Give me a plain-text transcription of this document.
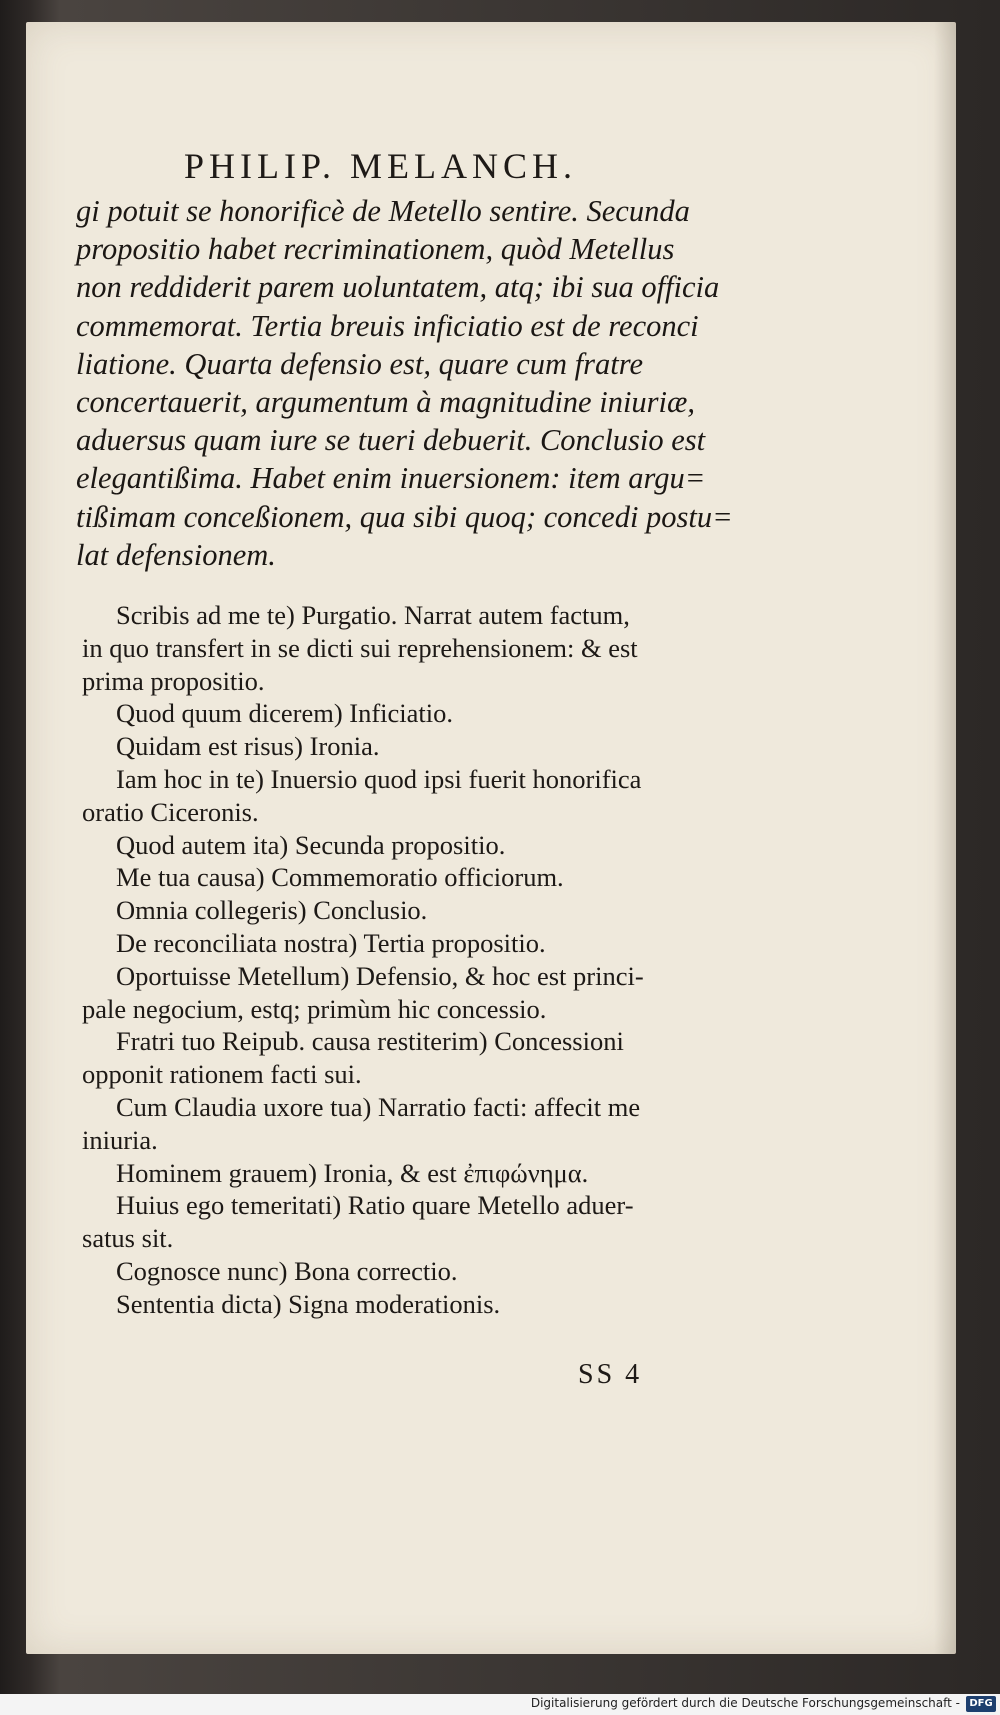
PHILIP. MELANCH.
gi potuit se honorificè de Metello sentire. Secunda
propositio habet recriminationem, quòd Metellus
non reddiderit parem uoluntatem, atq; ibi sua officia
commemorat. Tertia breuis inficiatio est de reconci
liatione. Quarta defensio est, quare cum fratre
concertauerit, argumentum à magnitudine iniuriæ,
aduersus quam iure se tueri debuerit. Conclusio est
elegantißima. Habet enim inuersionem: item argu=
tißimam conceßionem, qua sibi quoq; concedi postu=
lat defensionem.
Scribis ad me te) Purgatio. Narrat autem factum,
in quo transfert in se dicti sui reprehensionem: & est
prima propositio.
Quod quum dicerem) Inficiatio.
Quidam est risus) Ironia.
Iam hoc in te) Inuersio quod ipsi fuerit honorifica
oratio Ciceronis.
Quod autem ita) Secunda propositio.
Me tua causa) Commemoratio officiorum.
Omnia collegeris) Conclusio.
De reconciliata nostra) Tertia propositio.
Oportuisse Metellum) Defensio, & hoc est princi-
pale negocium, estq; primùm hic concessio.
Fratri tuo Reipub. causa restiterim) Concessioni
opponit rationem facti sui.
Cum Claudia uxore tua) Narratio facti: affecit me
iniuria.
Hominem grauem) Ironia, & est ἐπιφώνημα.
Huius ego temeritati) Ratio quare Metello aduer-
satus sit.
Cognosce nunc) Bona correctio.
Sententia dicta) Signa moderationis.
SS 4
Digitalisierung gefördert durch die Deutsche Forschungsgemeinschaft - DFG
